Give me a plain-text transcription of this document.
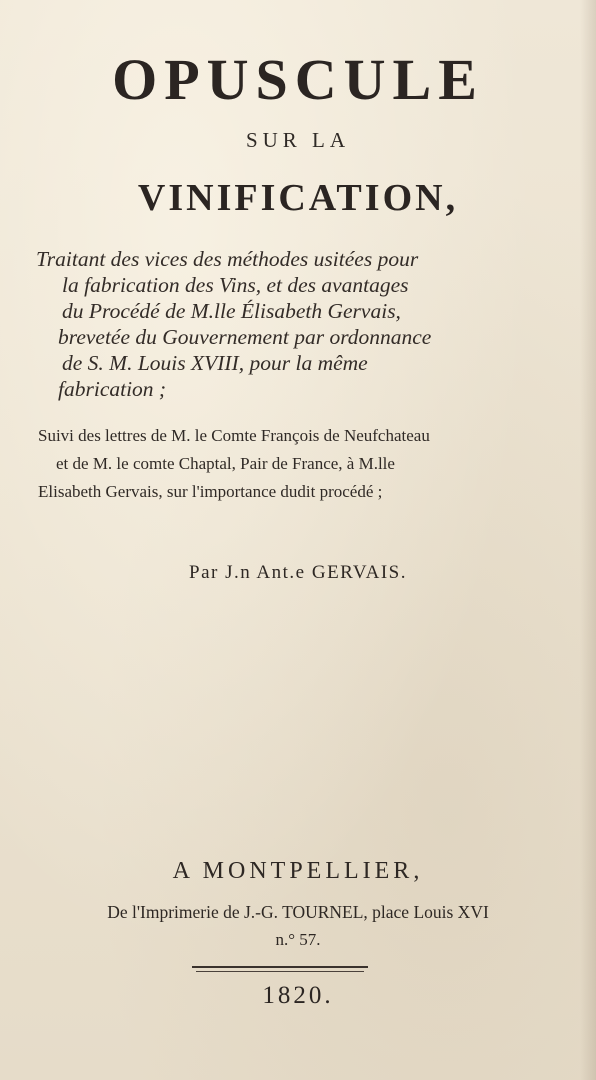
OPUSCULE
SUR LA
VINIFICATION,
Traitant des vices des méthodes usitées pour
la fabrication des Vins, et des avantages
du Procédé de M.lle Élisabeth Gervais,
brevetée du Gouvernement par ordonnance
de S. M. Louis XVIII, pour la même
fabrication ;
Suivi des lettres de M. le Comte François de Neufchateau
et de M. le comte Chaptal, Pair de France, à M.lle
Elisabeth Gervais, sur l'importance dudit procédé ;
Par J.n Ant.e GERVAIS.
A MONTPELLIER,
De l'Imprimerie de J.-G. TOURNEL, place Louis XVI
n.° 57.
1820.
